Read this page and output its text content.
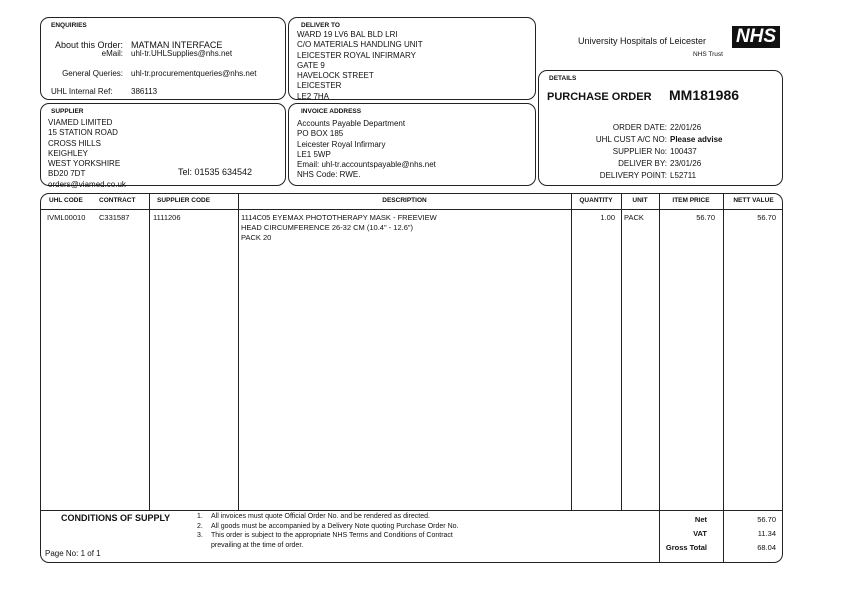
ENQUIRIES
About this Order: MATMAN INTERFACE
eMail: uhl-tr.UHLSupplies@nhs.net
General Queries: uhl-tr.procurementqueries@nhs.net
UHL Internal Ref: 386113
DELIVER TO
WARD 19 LV6 BAL BLD LRI
C/O MATERIALS HANDLING UNIT
LEICESTER ROYAL INFIRMARY
GATE 9
HAVELOCK STREET
LEICESTER
LE2 7HA
University Hospitals of Leicester NHS
NHS Trust
DETAILS
PURCHASE ORDER MM181986
ORDER DATE: 22/01/26
UHL CUST A/C NO: Please advise
SUPPLIER No: 100437
DELIVER BY: 23/01/26
DELIVERY POINT: L52711
SUPPLIER
VIAMED LIMITED
15 STATION ROAD
CROSS HILLS
KEIGHLEY
WEST YORKSHIRE
BD20 7DT
orders@viamed.co.uk
Tel: 01535 634542
INVOICE ADDRESS
Accounts Payable Department
PO BOX 185
Leicester Royal Infirmary
LE1 5WP
Email: uhl-tr.accountspayable@nhs.net
NHS Code: RWE.
UHL CODE CONTRACT	SUPPLIER CODE	DESCRIPTION	QUANTITY	UNIT	ITEM PRICE	NETT VALUE
IVML00010 C331587	1111206	1114C05 EYEMAX PHOTOTHERAPY MASK - FREEVIEW
HEAD CIRCUMFERENCE 26-32 CM (10.4" - 12.6")
PACK 20
1.00 PACK	56.70	56.70
CONDITIONS OF SUPPLY	1. All invoices must quote Official Order No. and be rendered as directed.
2. All goods must be accompanied by a Delivery Note quoting Purchase Order No.
3. This order is subject to the appropriate NHS Terms and Conditions of Contract
prevailing at the time of order.
Page No: 1 of 1
Net	56.70
VAT	11.34
Gross Total	68.04
